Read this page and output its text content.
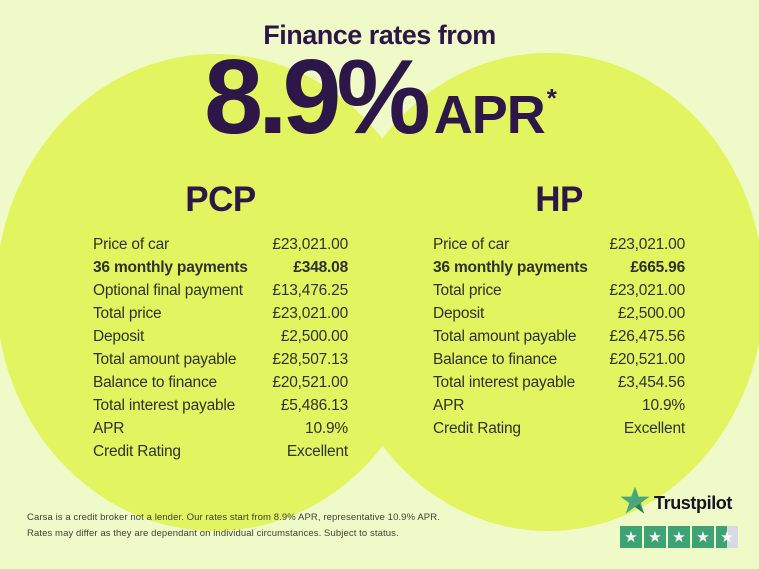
Finance rates from
8.9% APR*
PCP
Price of car	£23,021.00
36 monthly payments	£348.08
Optional final payment £13,476.25
Total price	£23,021.00
Deposit	£2,500.00
Total amount payable £28,507.13
Balance to finance	£20,521.00
Total interest payable	£5,486.13
APR	10.9%
Credit Rating	Excellent
HP
Price of car	£23,021.00
36 monthly payments	£665.96
Total price	£23,021.00
Deposit	£2,500.00
Total amount payable £26,475.56
Balance to finance	£20,521.00
Total interest payable	£3,454.56
APR	10.9%
Credit Rating	Excellent
Carsa is a credit broker not a lender. Our rates start from 8.9% APR, representative 10.9% APR.
Rates may differ as they are dependant on individual circumstances. Subject to status.
Trustpilot
★ ★ ★ ★ ★
